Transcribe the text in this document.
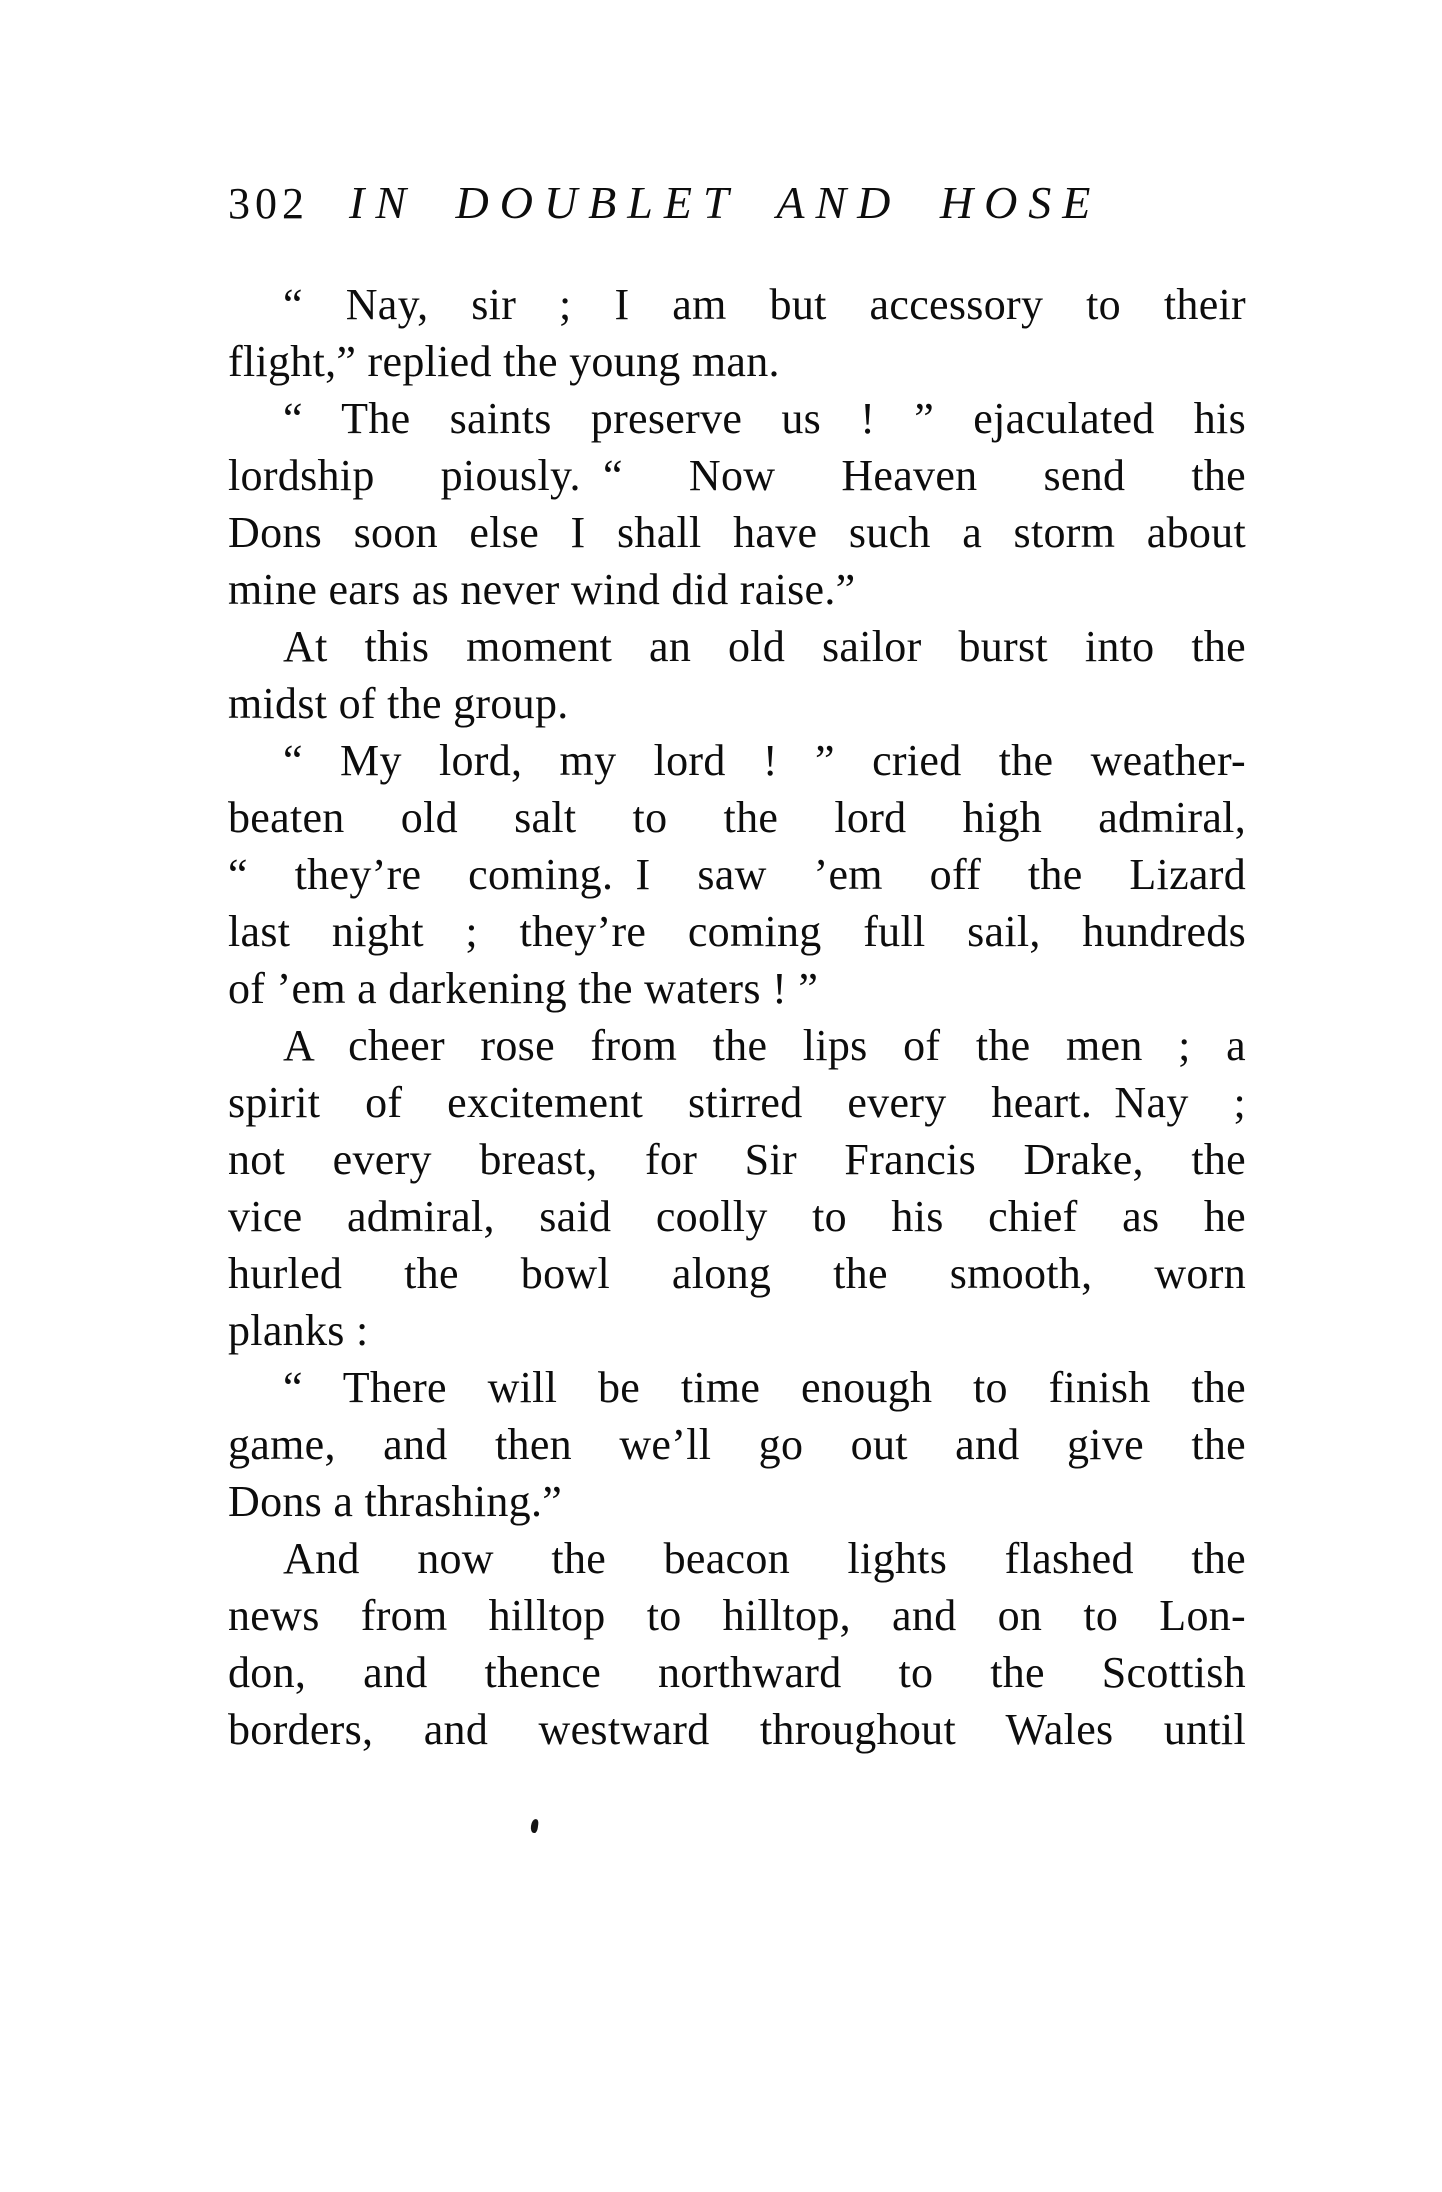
302 IN DOUBLET AND HOSE
“ Nay, sir ; I am but accessory to their
flight,” replied the young man.
“ The saints preserve us ! ” ejaculated his
lordship piously. “ Now Heaven send the
Dons soon else I shall have such a storm about
mine ears as never wind did raise.”
At this moment an old sailor burst into the
midst of the group.
“ My lord, my lord ! ” cried the weather-
beaten old salt to the lord high admiral,
“ they’re coming. I saw ’em off the Lizard
last night ; they’re coming full sail, hundreds
of ’em a darkening the waters ! ”
A cheer rose from the lips of the men ; a
spirit of excitement stirred every heart. Nay ;
not every breast, for Sir Francis Drake, the
vice admiral, said coolly to his chief as he
hurled the bowl along the smooth, worn
planks :
“ There will be time enough to finish the
game, and then we’ll go out and give the
Dons a thrashing.”
And now the beacon lights flashed the
news from hilltop to hilltop, and on to Lon-
don, and thence northward to the Scottish
borders, and westward throughout Wales until
